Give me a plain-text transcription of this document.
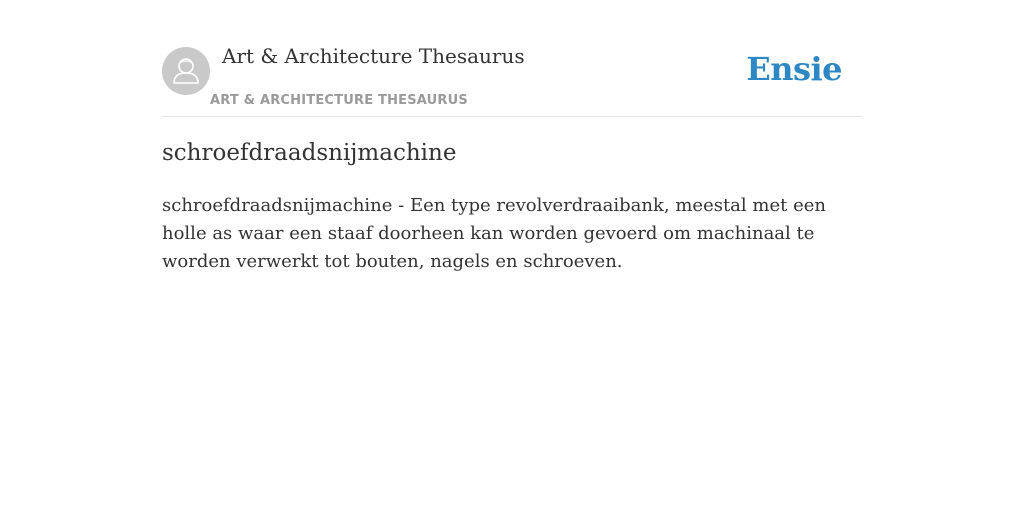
Art & Architecture Thesaurus
ART & ARCHITECTURE THESAURUS
Ensie
schroefdraadsnijmachine

schroefdraadsnijmachine - Een type revolverdraaibank, meestal met een holle as waar een staaf doorheen kan worden gevoerd om machinaal te worden verwerkt tot bouten, nagels en schroeven.
